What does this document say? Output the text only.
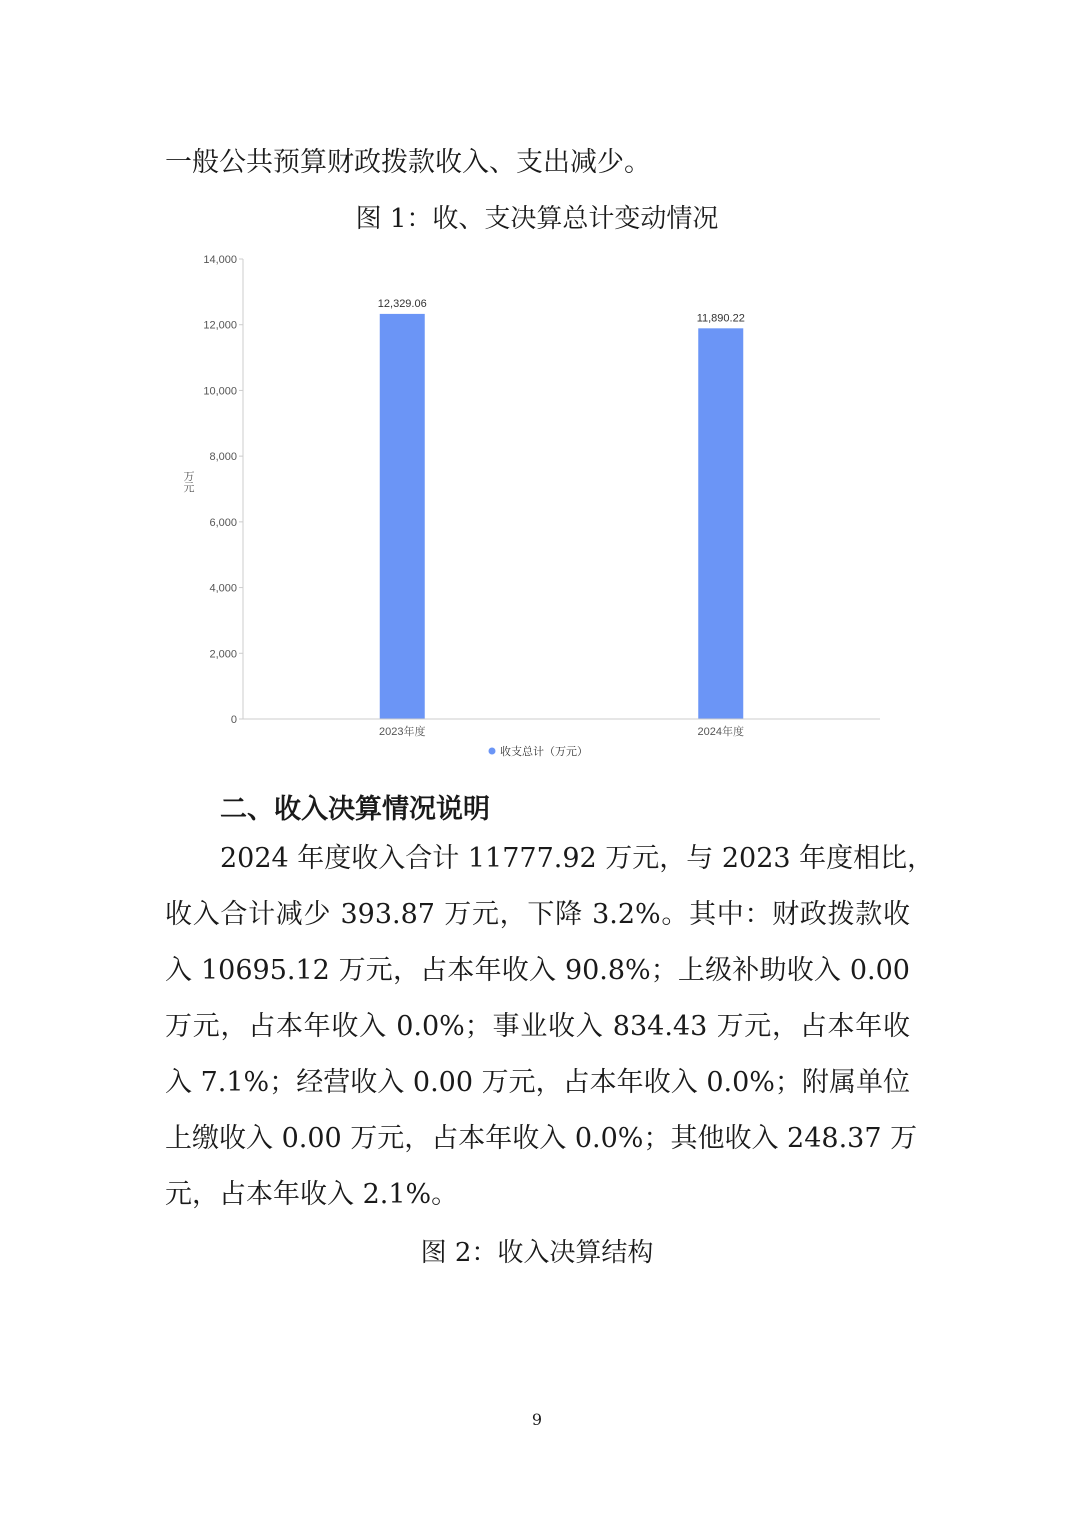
一般公共预算财政拨款收入、支出减少。
图 1：收、支决算总计变动情况
0
2,000
4,000
6,000
8,000
10,000
12,000
14,000
万元
12,329.06
11,890.22
2023年度	2024年度
收支总计（万元）
二、收入决算情况说明
2024 年度收入合计 11777.92 万元，与 2023 年度相比，
收入合计减少 393.87 万元，下降 3.2%。其中：财政拨款收
入 10695.12 万元，占本年收入 90.8%；上级补助收入 0.00
万元，占本年收入 0.0%；事业收入 834.43 万元，占本年收
入 7.1%；经营收入 0.00 万元，占本年收入 0.0%；附属单位
上缴收入 0.00 万元，占本年收入 0.0%；其他收入 248.37 万
元，占本年收入 2.1%。
图 2：收入决算结构
9
